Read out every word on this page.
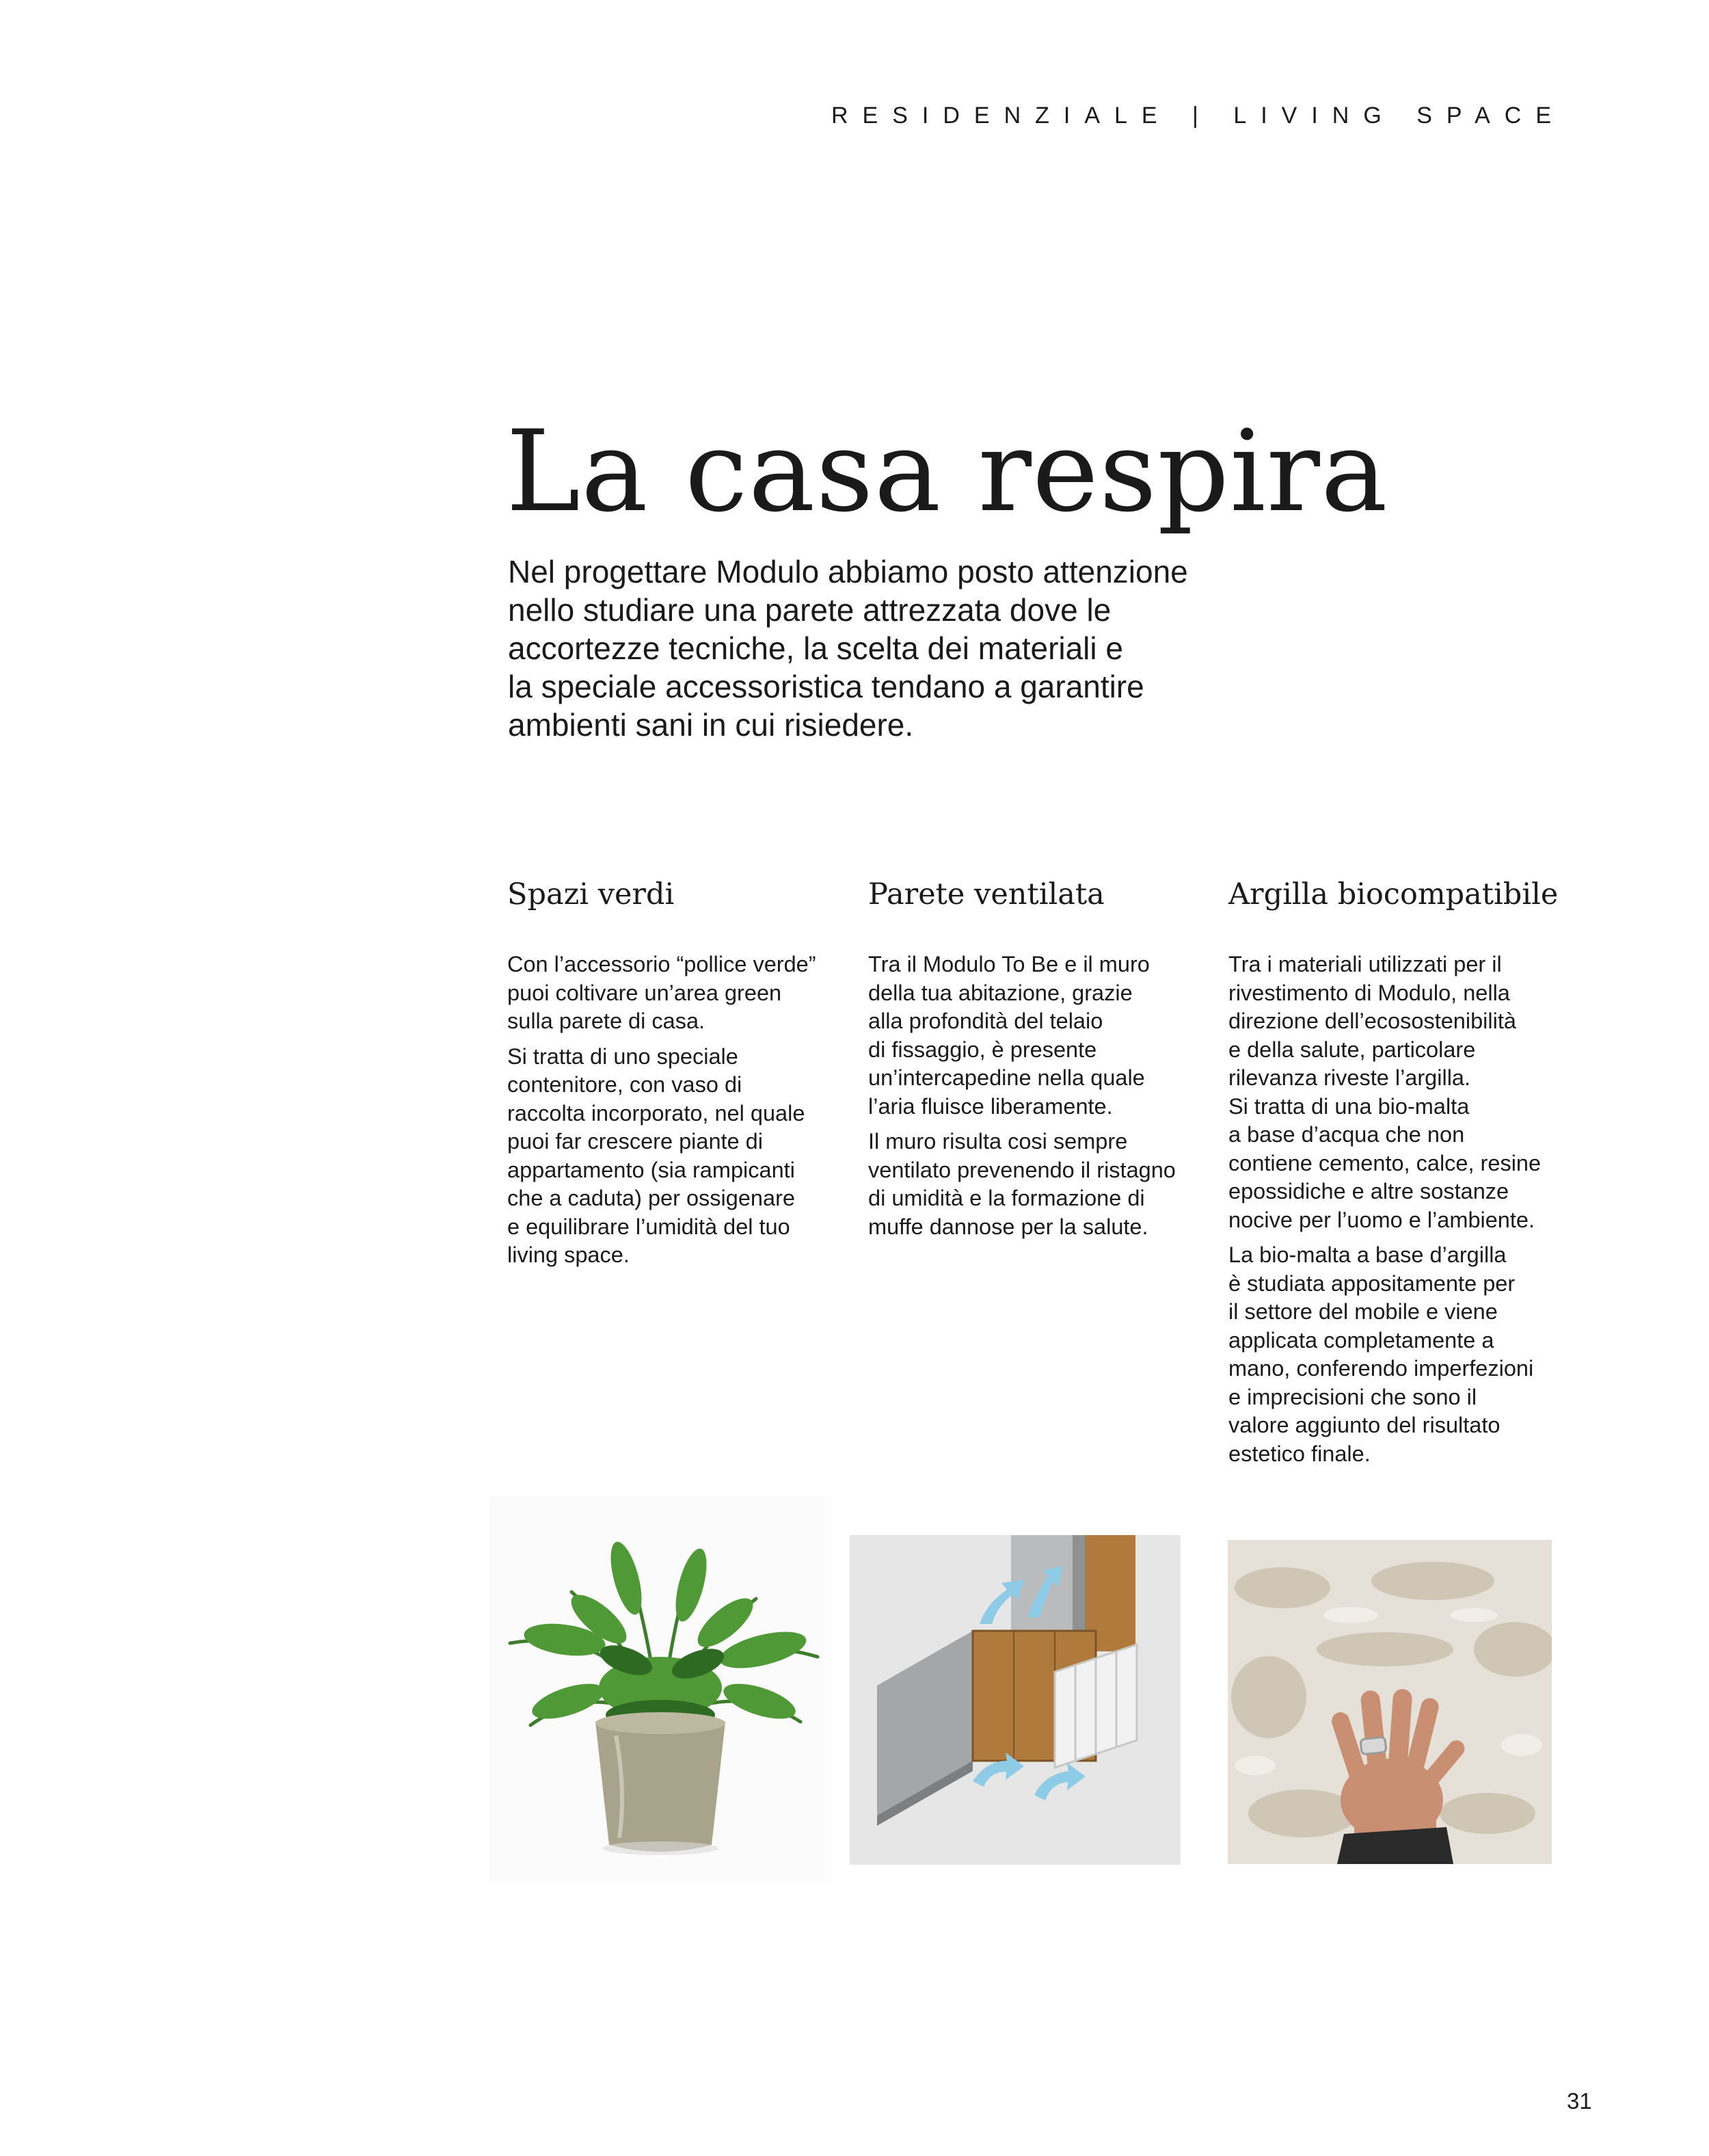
RESIDENZIALE | LIVING SPACE
La casa respira

Nel progettare Modulo abbiamo posto attenzione
nello studiare una parete attrezzata dove le
accortezze tecniche, la scelta dei materiali e
la speciale accessoristica tendano a garantire
ambienti sani in cui risiedere.

Spazi verdi

Con l’accessorio “pollice verde”
puoi coltivare un’area green
sulla parete di casa.

Si tratta di uno speciale
contenitore, con vaso di
raccolta incorporato, nel quale
puoi far crescere piante di
appartamento (sia rampicanti
che a caduta) per ossigenare
e equilibrare l’umidità del tuo
living space.

Parete ventilata

Tra il Modulo To Be e il muro
della tua abitazione, grazie
alla profondità del telaio
di fissaggio, è presente
un’intercapedine nella quale
l’aria fluisce liberamente.

Il muro risulta cosi sempre
ventilato prevenendo il ristagno
di umidità e la formazione di
muffe dannose per la salute.

Argilla biocompatibile

Tra i materiali utilizzati per il
rivestimento di Modulo, nella
direzione dell’ecosostenibilità
e della salute, particolare
rilevanza riveste l’argilla.
Si tratta di una bio-malta
a base d’acqua che non
contiene cemento, calce, resine
epossidiche e altre sostanze
nocive per l’uomo e l’ambiente.

La bio-malta a base d’argilla
è studiata appositamente per
il settore del mobile e viene
applicata completamente a
mano, conferendo imperfezioni
e imprecisioni che sono il
valore aggiunto del risultato
estetico finale.

31
